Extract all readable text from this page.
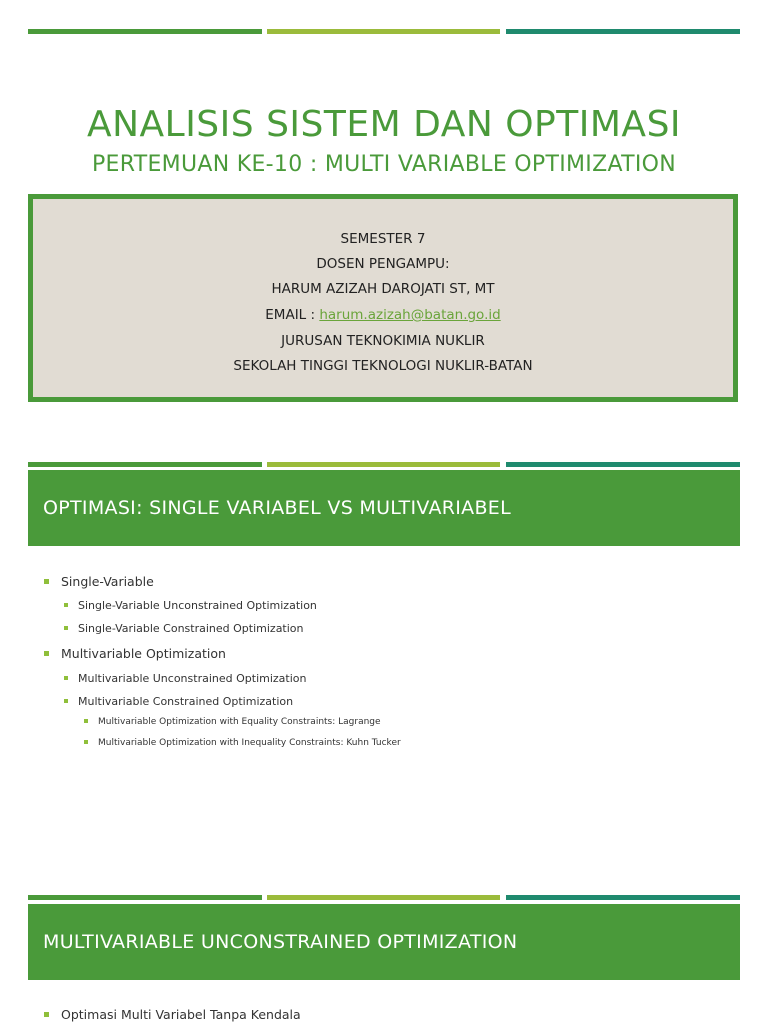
ANALISIS SISTEM DAN OPTIMASI
PERTEMUAN KE-10 : MULTI VARIABLE OPTIMIZATION
SEMESTER 7
DOSEN PENGAMPU:
HARUM AZIZAH DAROJATI ST, MT
EMAIL : harum.azizah@batan.go.id
JURUSAN TEKNOKIMIA NUKLIR
SEKOLAH TINGGI TEKNOLOGI NUKLIR-BATAN
OPTIMASI: SINGLE VARIABEL VS MULTIVARIABEL
Single-Variable
Single-Variable Unconstrained Optimization
Single-Variable Constrained Optimization
Multivariable Optimization
Multivariable Unconstrained Optimization
Multivariable Constrained Optimization
Multivariable Optimization with Equality Constraints: Lagrange
Multivariable Optimization with Inequality Constraints: Kuhn Tucker
MULTIVARIABLE UNCONSTRAINED OPTIMIZATION
Optimasi Multi Variabel Tanpa Kendala
